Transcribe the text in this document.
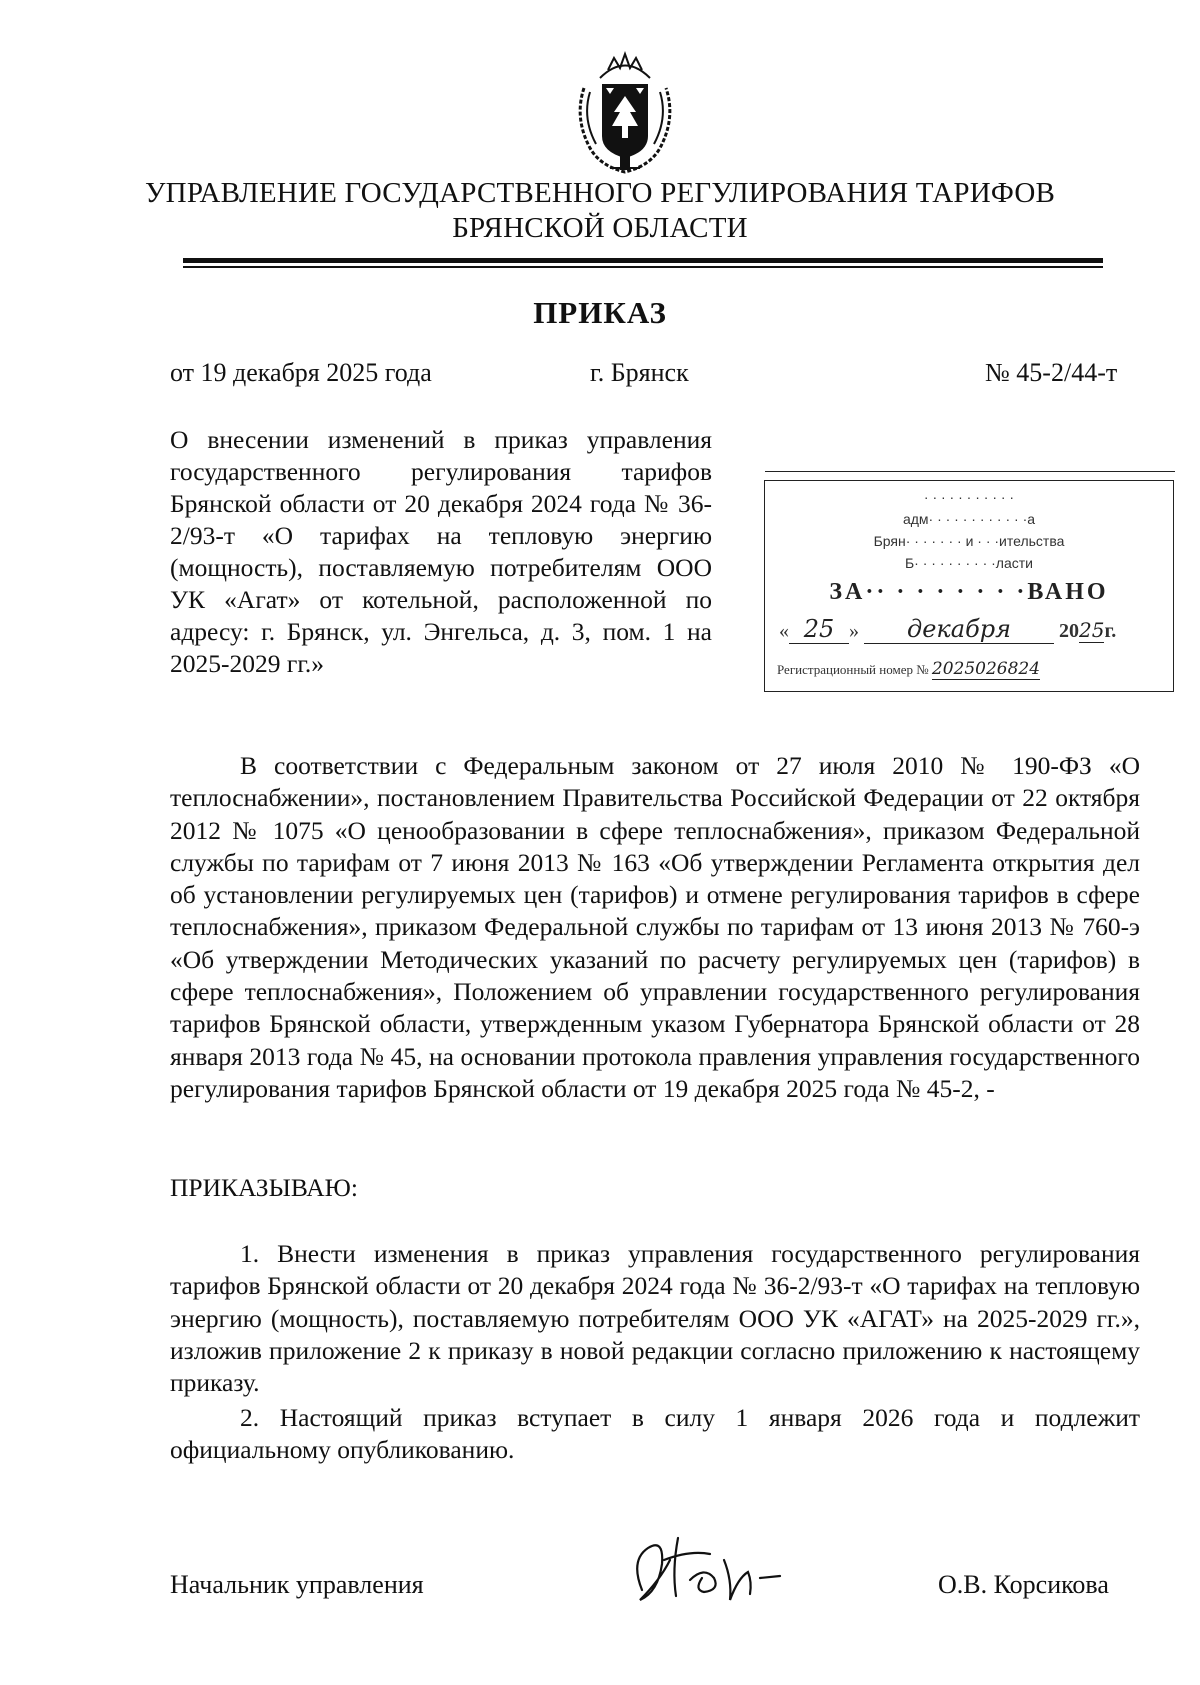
УПРАВЛЕНИЕ ГОСУДАРСТВЕННОГО РЕГУЛИРОВАНИЯ ТАРИФОВ
БРЯНСКОЙ ОБЛАСТИ
ПРИКАЗ
от 19 декабря 2025 года	г. Брянск	№ 45-2/44-т
О внесении изменений в приказ управления государственного регулирования тарифов Брянской области от 20 декабря 2024 года № 36-2/93-т «О тарифах на тепловую энергию (мощность), поставляемую потребителям ООО УК «Агат» от котельной, расположенной по адресу: г. Брянск, ул. Энгельса, д. 3, пом. 1 на 2025-2029 гг.»
· · · · · · · · · · ·
адм· · · · · · · · · · · ·а
Брян· · · · · · · и · · ·ительства
Б· · · · · · · · · ·ласти
ЗА·· · · · · · · ·ВАНО
« 25 » декабря 2025г.
Регистрационный номер № 2025026824
В соответствии с Федеральным законом от 27 июля 2010 № 190-ФЗ «О теплоснабжении», постановлением Правительства Российской Федерации от 22 октября 2012 № 1075 «О ценообразовании в сфере теплоснабжения», приказом Федеральной службы по тарифам от 7 июня 2013 № 163 «Об утверждении Регламента открытия дел об установлении регулируемых цен (тарифов) и отмене регулирования тарифов в сфере теплоснабжения», приказом Федеральной службы по тарифам от 13 июня 2013 № 760-э «Об утверждении Методических указаний по расчету регулируемых цен (тарифов) в сфере теплоснабжения», Положением об управлении государственного регулирования тарифов Брянской области, утвержденным указом Губернатора Брянской области от 28 января 2013 года № 45, на основании протокола правления управления государственного регулирования тарифов Брянской области от 19 декабря 2025 года № 45-2, -
ПРИКАЗЫВАЮ:
1. Внести изменения в приказ управления государственного регулирования тарифов Брянской области от 20 декабря 2024 года № 36-2/93-т «О тарифах на тепловую энергию (мощность), поставляемую потребителям ООО УК «АГАТ» на 2025-2029 гг.», изложив приложение 2 к приказу в новой редакции согласно приложению к настоящему приказу.
2. Настоящий приказ вступает в силу 1 января 2026 года и подлежит официальному опубликованию.
Начальник управления	О.В. Корсикова
